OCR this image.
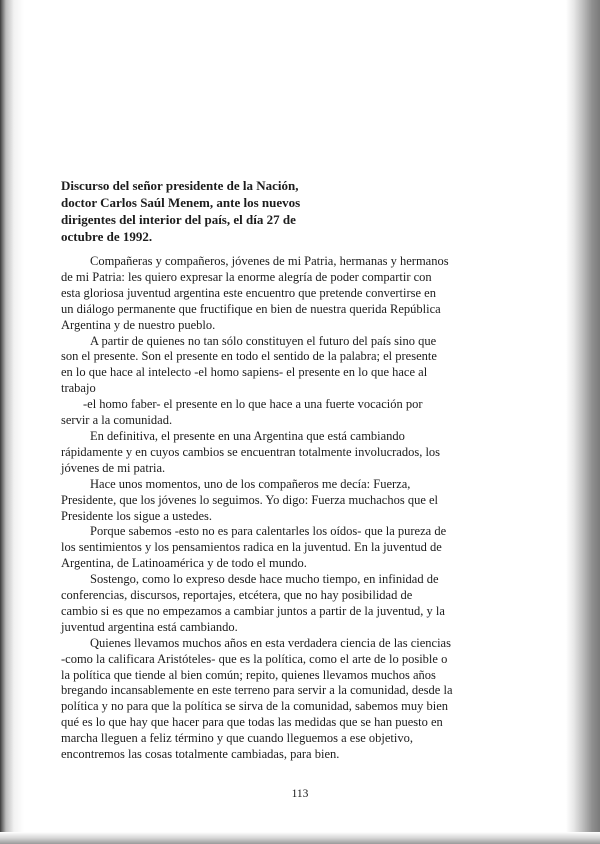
Discurso del señor presidente de la Nación,
doctor Carlos Saúl Menem, ante los nuevos
dirigentes del interior del país, el día 27 de
octubre de 1992.
Compañeras y compañeros, jóvenes de mi Patria, hermanas y hermanos
de mi Patria: les quiero expresar la enorme alegría de poder compartir con
esta gloriosa juventud argentina este encuentro que pretende convertirse en
un diálogo permanente que fructifique en bien de nuestra querida República
Argentina y de nuestro pueblo.
A partir de quienes no tan sólo constituyen el futuro del país sino que
son el presente. Son el presente en todo el sentido de la palabra; el presente
en lo que hace al intelecto -el homo sapiens- el presente en lo que hace al
trabajo
-el homo faber- el presente en lo que hace a una fuerte vocación por
servir a la comunidad.
En definitiva, el presente en una Argentina que está cambiando
rápidamente y en cuyos cambios se encuentran totalmente involucrados, los
jóvenes de mi patria.
Hace unos momentos, uno de los compañeros me decía: Fuerza,
Presidente, que los jóvenes lo seguimos. Yo digo: Fuerza muchachos que el
Presidente los sigue a ustedes.
Porque sabemos -esto no es para calentarles los oídos- que la pureza de
los sentimientos y los pensamientos radica en la juventud. En la juventud de
Argentina, de Latinoamérica y de todo el mundo.
Sostengo, como lo expreso desde hace mucho tiempo, en infinidad de
conferencias, discursos, reportajes, etcétera, que no hay posibilidad de
cambio si es que no empezamos a cambiar juntos a partir de la juventud, y la
juventud argentina está cambiando.
Quienes llevamos muchos años en esta verdadera ciencia de las ciencias
-como la calificara Aristóteles- que es la política, como el arte de lo posible o
la política que tiende al bien común; repito, quienes llevamos muchos años
bregando incansablemente en este terreno para servir a la comunidad, desde la
política y no para que la política se sirva de la comunidad, sabemos muy bien
qué es lo que hay que hacer para que todas las medidas que se han puesto en
marcha lleguen a feliz término y que cuando lleguemos a ese objetivo,
encontremos las cosas totalmente cambiadas, para bien.
113
